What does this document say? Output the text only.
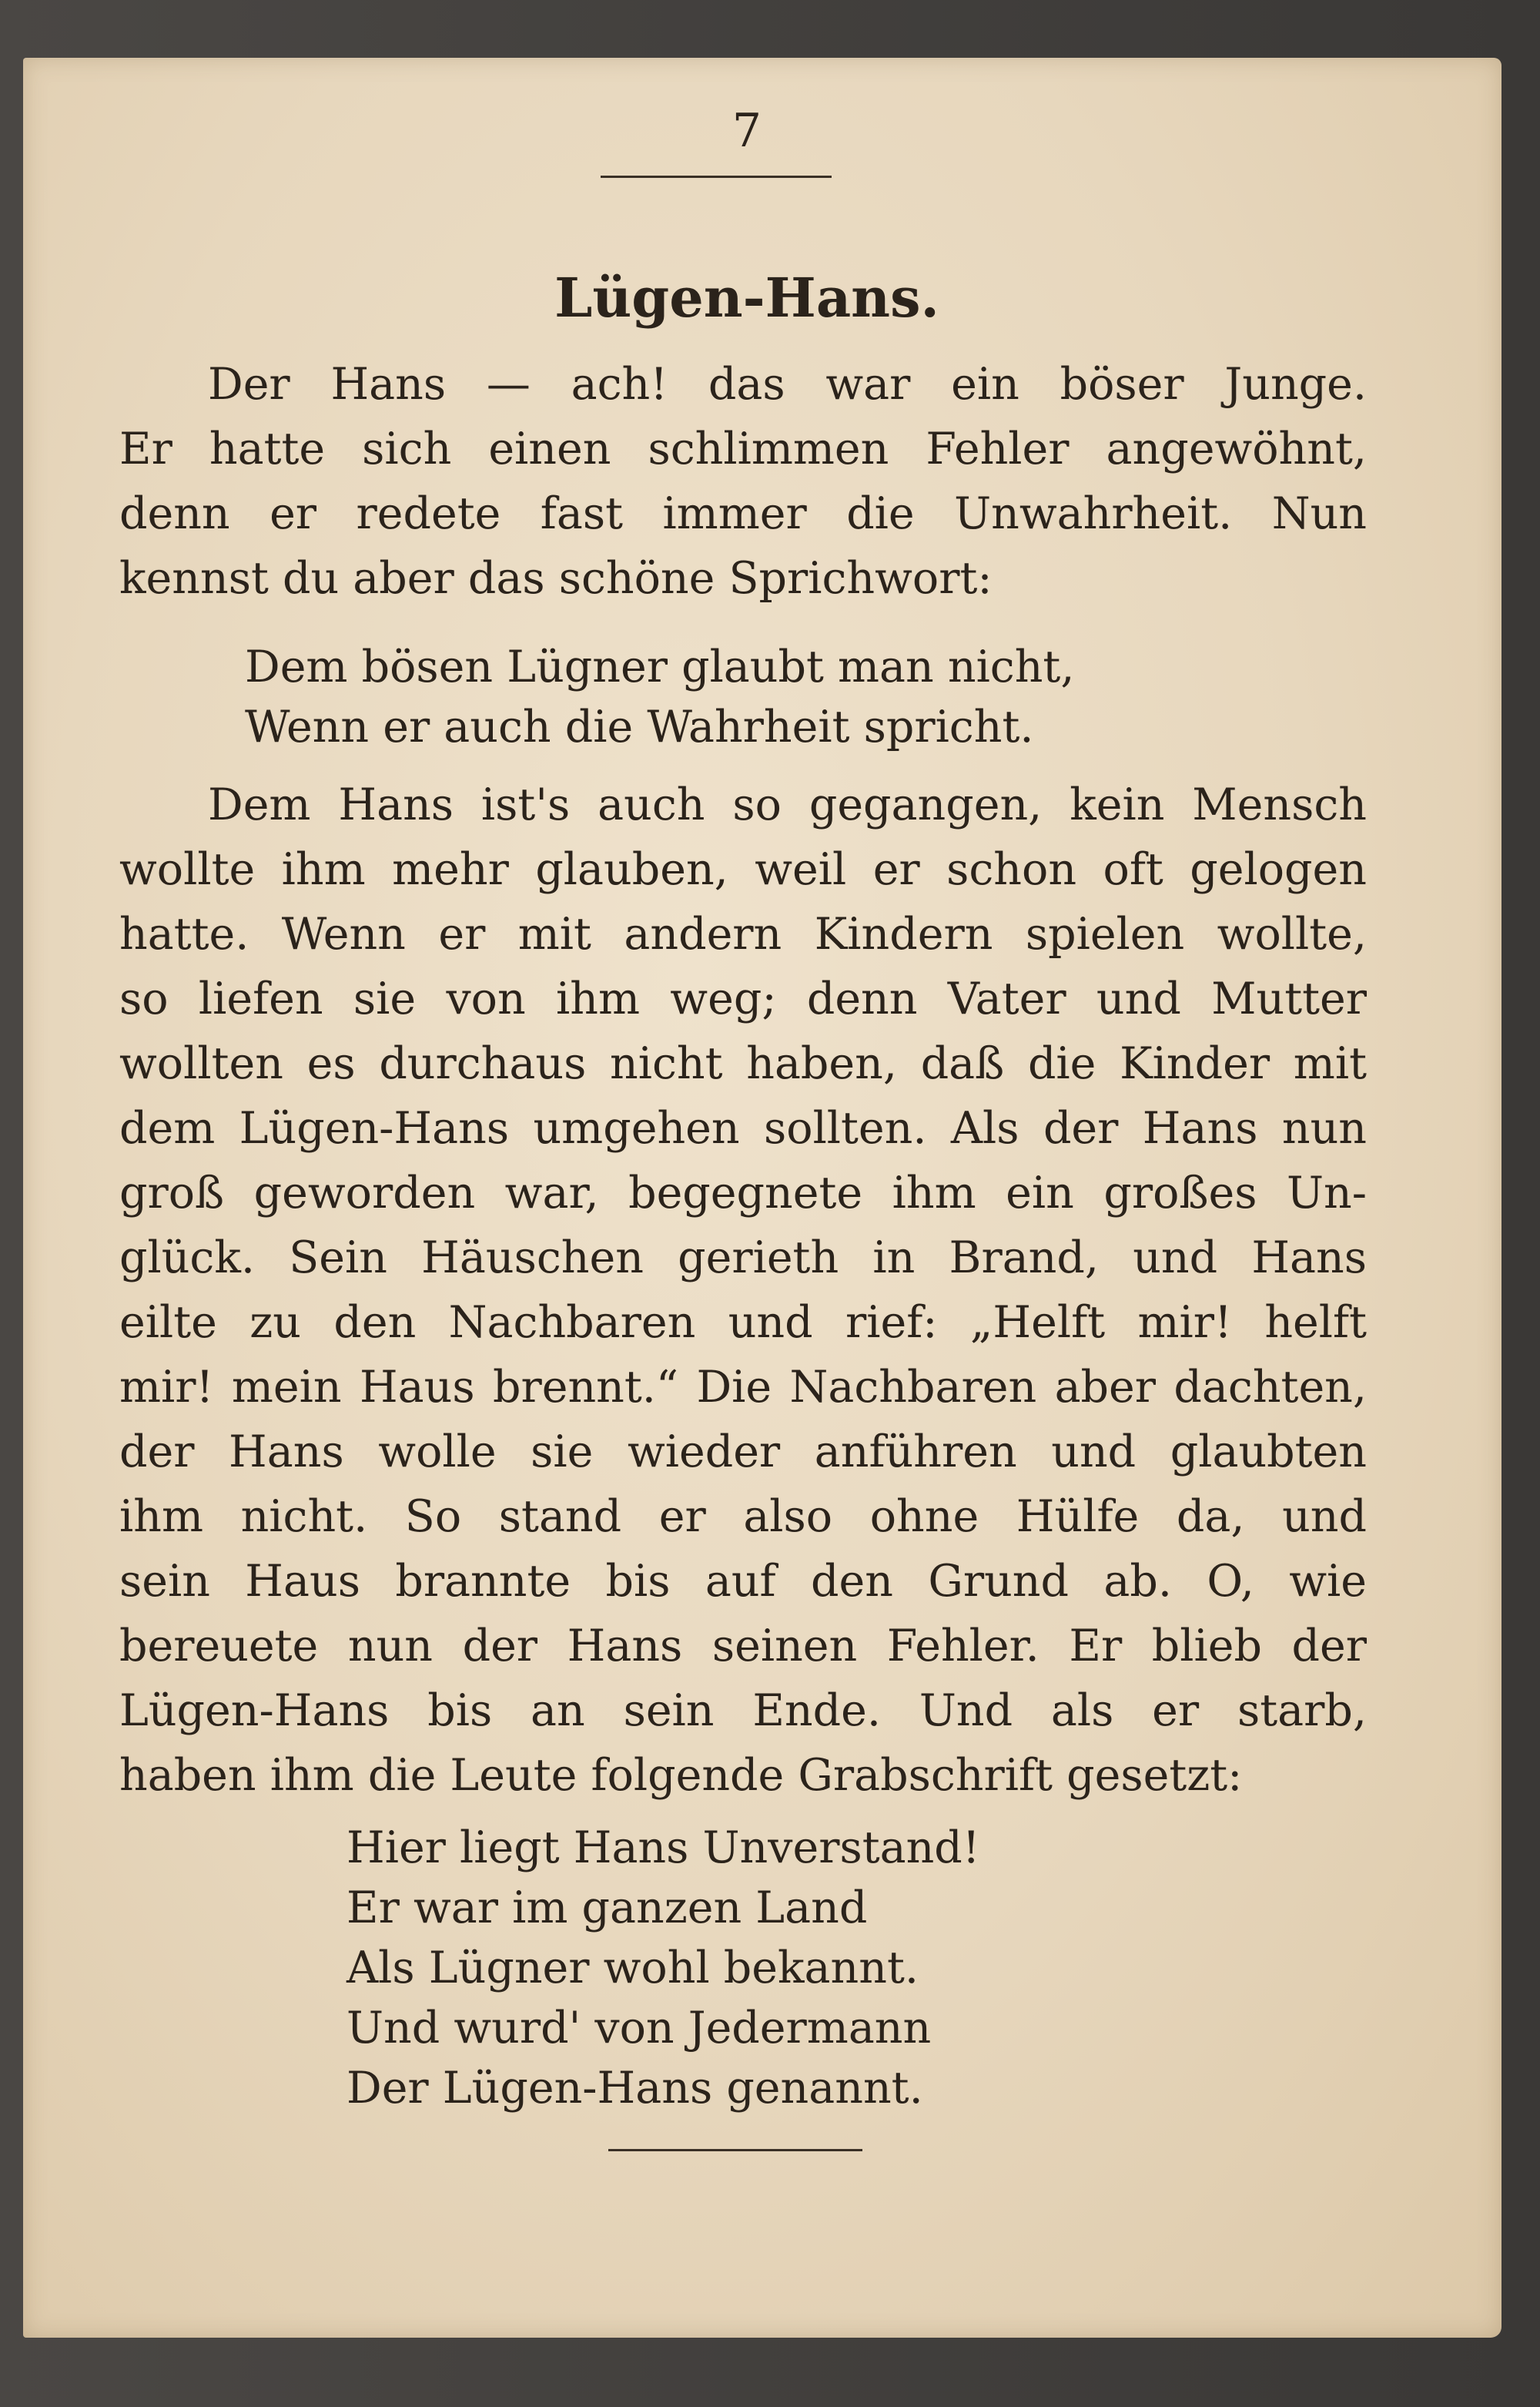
7
Lügen-Hans.
Der Hans — ach! das war ein böser Junge.
Er hatte sich einen schlimmen Fehler angewöhnt,
denn er redete fast immer die Unwahrheit. Nun
kennst du aber das schöne Sprichwort:
Dem bösen Lügner glaubt man nicht,
Wenn er auch die Wahrheit spricht.
Dem Hans ist's auch so gegangen, kein Mensch
wollte ihm mehr glauben, weil er schon oft gelogen
hatte. Wenn er mit andern Kindern spielen wollte,
so liefen sie von ihm weg; denn Vater und Mutter
wollten es durchaus nicht haben, daß die Kinder mit
dem Lügen-Hans umgehen sollten. Als der Hans nun
groß geworden war, begegnete ihm ein großes Un-
glück. Sein Häuschen gerieth in Brand, und Hans
eilte zu den Nachbaren und rief: „Helft mir! helft
mir! mein Haus brennt.“ Die Nachbaren aber dachten,
der Hans wolle sie wieder anführen und glaubten
ihm nicht. So stand er also ohne Hülfe da, und
sein Haus brannte bis auf den Grund ab. O, wie
bereuete nun der Hans seinen Fehler. Er blieb der
Lügen-Hans bis an sein Ende. Und als er starb,
haben ihm die Leute folgende Grabschrift gesetzt:
Hier liegt Hans Unverstand!
Er war im ganzen Land
Als Lügner wohl bekannt.
Und wurd' von Jedermann
Der Lügen-Hans genannt.
